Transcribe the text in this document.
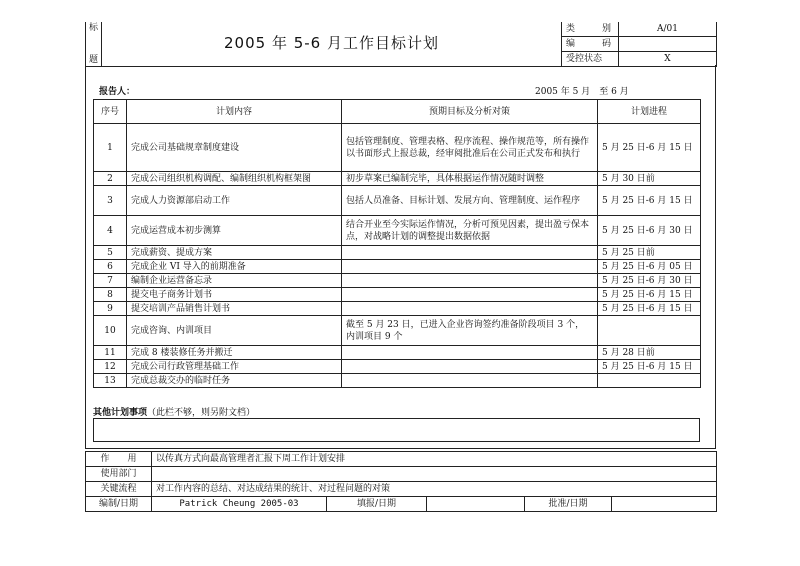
标
题	2005 年 5-6 月工作目标计划	类　　别	A/01
		编　　码	
		受控状态	X
报告人：	2005 年 5 月　至 6 月
序号	计划内容	预期目标及分析对策	计划进程
1	完成公司基础规章制度建设	包括管理制度、管理表格、程序流程、操作规范等，所有操作以书面形式上报总裁，经审阅批准后在公司正式发布和执行	5 月 25 日-6 月 15 日
2	完成公司组织机构调配、编制组织机构框架图	初步草案已编制完毕，具体根据运作情况随时调整	5 月 30 日前
3	完成人力资源部启动工作	包括人员准备、目标计划、发展方向、管理制度、运作程序	5 月 25 日-6 月 15 日
4	完成运营成本初步测算	结合开业至今实际运作情况，分析可预见因素，提出盈亏保本点，对战略计划的调整提出数据依据	5 月 25 日-6 月 30 日
5	完成薪资、提成方案		5 月 25 日前
6	完成企业 VI 导入的前期准备		5 月 25 日-6 月 05 日
7	编制企业运营备忘录		5 月 25 日-6 月 30 日
8	提交电子商务计划书		5 月 25 日-6 月 15 日
9	提交培训产品销售计划书		5 月 25 日-6 月 15 日
10	完成咨询、内训项目	截至 5 月 23 日，已进入企业咨询签约准备阶段项目 3 个，内训项目 9 个	
11	完成 8 楼装修任务并搬迁		5 月 28 日前
12	完成公司行政管理基础工作		5 月 25 日-6 月 15 日
13	完成总裁交办的临时任务		
其他计划事项（此栏不够，则另附文档）
作　　用	以传真方式向最高管理者汇报下周工作计划安排				
使用部门					
关键流程	对工作内容的总结、对达成结果的统计、对过程问题的对策				
编制/日期	Patrick Cheung 2005-03	填报/日期		批准/日期	
